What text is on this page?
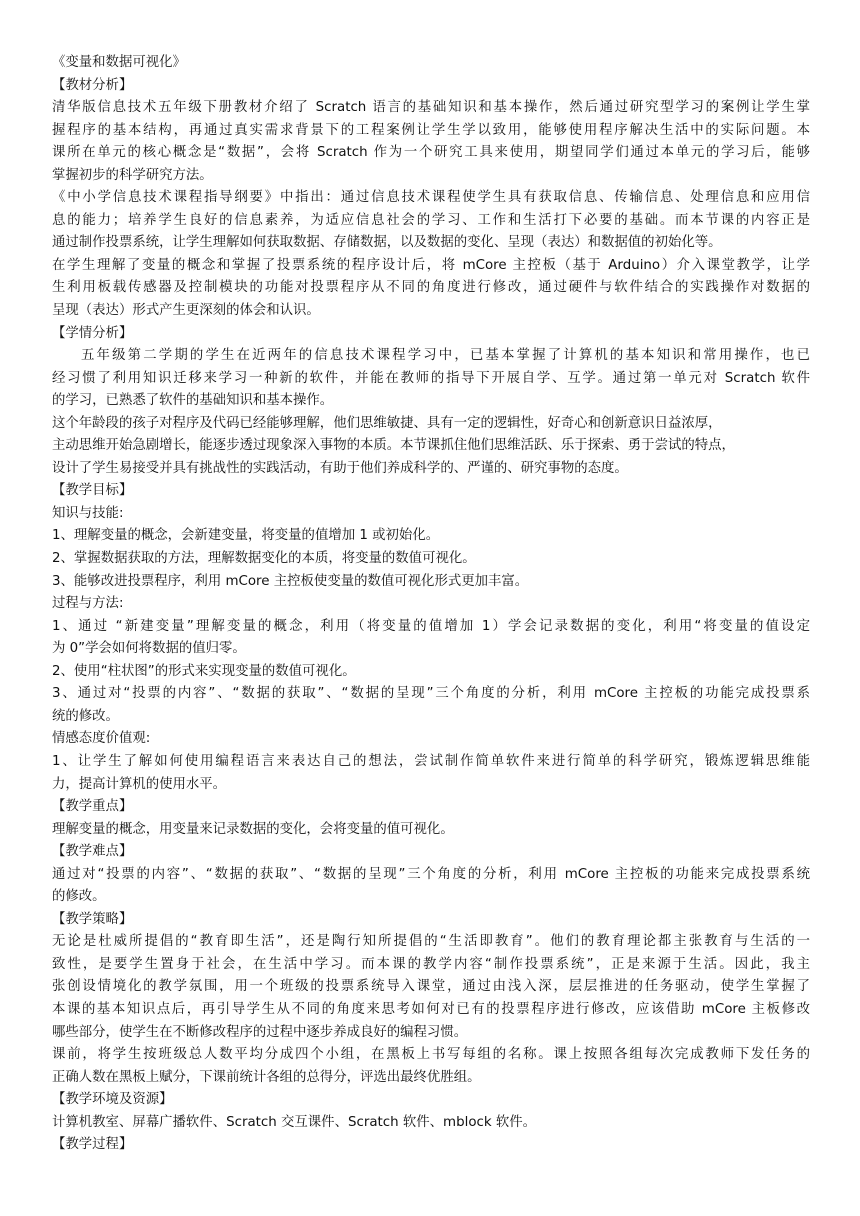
《变量和数据可视化》
【教材分析】
清华版信息技术五年级下册教材介绍了 Scratch 语言的基础知识和基本操作，然后通过研究型学习的案例让学生掌
握程序的基本结构，再通过真实需求背景下的工程案例让学生学以致用，能够使用程序解决生活中的实际问题。本
课所在单元的核心概念是“数据”，会将 Scratch 作为一个研究工具来使用，期望同学们通过本单元的学习后，能够
掌握初步的科学研究方法。
《中小学信息技术课程指导纲要》中指出：通过信息技术课程使学生具有获取信息、传输信息、处理信息和应用信
息的能力；培养学生良好的信息素养，为适应信息社会的学习、工作和生活打下必要的基础。而本节课的内容正是
通过制作投票系统，让学生理解如何获取数据、存储数据，以及数据的变化、呈现（表达）和数据值的初始化等。
在学生理解了变量的概念和掌握了投票系统的程序设计后，将 mCore 主控板（基于 Arduino）介入课堂教学，让学
生利用板载传感器及控制模块的功能对投票程序从不同的角度进行修改，通过硬件与软件结合的实践操作对数据的
呈现（表达）形式产生更深刻的体会和认识。
【学情分析】
五年级第二学期的学生在近两年的信息技术课程学习中，已基本掌握了计算机的基本知识和常用操作，也已
经习惯了利用知识迁移来学习一种新的软件，并能在教师的指导下开展自学、互学。通过第一单元对 Scratch 软件
的学习，已熟悉了软件的基础知识和基本操作。
这个年龄段的孩子对程序及代码已经能够理解，他们思维敏捷、具有一定的逻辑性，好奇心和创新意识日益浓厚，
主动思维开始急剧增长，能逐步透过现象深入事物的本质。本节课抓住他们思维活跃、乐于探索、勇于尝试的特点，
设计了学生易接受并具有挑战性的实践活动，有助于他们养成科学的、严谨的、研究事物的态度。
【教学目标】
知识与技能:
1、理解变量的概念，会新建变量，将变量的值增加 1 或初始化。
2、掌握数据获取的方法，理解数据变化的本质，将变量的数值可视化。
3、能够改进投票程序，利用 mCore 主控板使变量的数值可视化形式更加丰富。
过程与方法:
1、通过 “新建变量”理解变量的概念，利用（将变量的值增加 1）学会记录数据的变化，利用“将变量的值设定
为 0”学会如何将数据的值归零。
2、使用“柱状图”的形式来实现变量的数值可视化。
3、通过对“投票的内容”、“数据的获取”、“数据的呈现”三个角度的分析，利用 mCore 主控板的功能完成投票系
统的修改。
情感态度价值观:
1、让学生了解如何使用编程语言来表达自己的想法，尝试制作简单软件来进行简单的科学研究，锻炼逻辑思维能
力，提高计算机的使用水平。
【教学重点】
理解变量的概念，用变量来记录数据的变化，会将变量的值可视化。
【教学难点】
通过对“投票的内容”、“数据的获取”、“数据的呈现”三个角度的分析，利用 mCore 主控板的功能来完成投票系统
的修改。
【教学策略】
无论是杜威所提倡的“教育即生活”，还是陶行知所提倡的“生活即教育”。他们的教育理论都主张教育与生活的一
致性，是要学生置身于社会，在生活中学习。而本课的教学内容“制作投票系统”，正是来源于生活。因此，我主
张创设情境化的教学氛围，用一个班级的投票系统导入课堂，通过由浅入深，层层推进的任务驱动，使学生掌握了
本课的基本知识点后，再引导学生从不同的角度来思考如何对已有的投票程序进行修改，应该借助 mCore 主板修改
哪些部分，使学生在不断修改程序的过程中逐步养成良好的编程习惯。
课前，将学生按班级总人数平均分成四个小组，在黑板上书写每组的名称。课上按照各组每次完成教师下发任务的
正确人数在黑板上赋分，下课前统计各组的总得分，评选出最终优胜组。
【教学环境及资源】
计算机教室、屏幕广播软件、Scratch 交互课件、Scratch 软件、mblock 软件。
【教学过程】
